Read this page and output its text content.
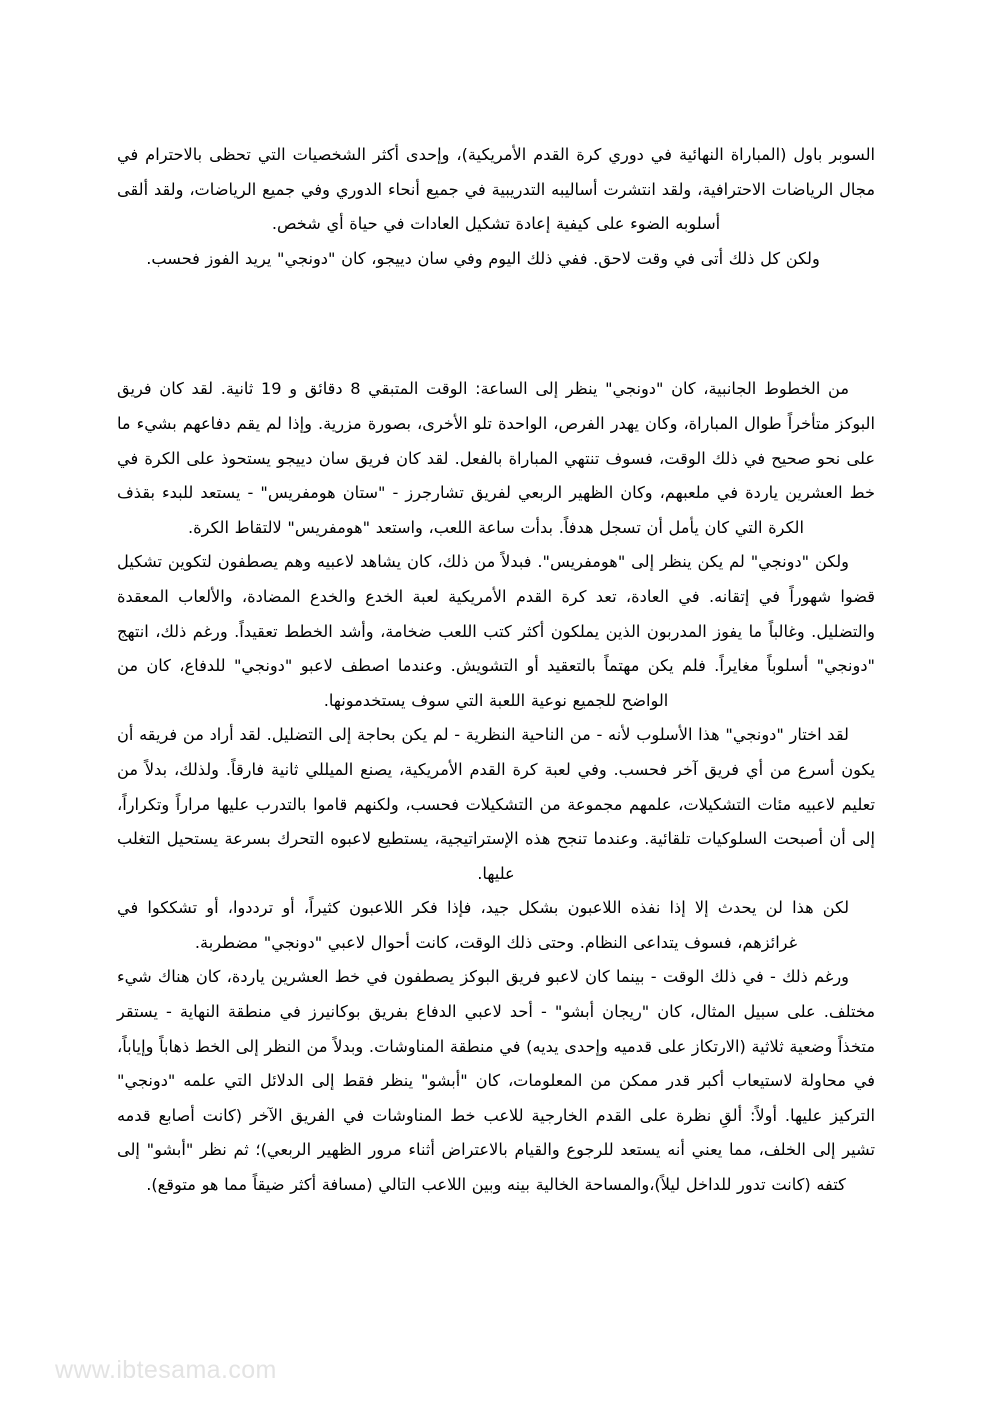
السوبر باول (المباراة النهائية في دوري كرة القدم الأمريكية)، وإحدى أكثر الشخصيات التي تحظى بالاحترام في مجال الرياضات الاحترافية، ولقد انتشرت أساليبه التدريبية في جميع أنحاء الدوري وفي جميع الرياضات، ولقد ألقى أسلوبه الضوء على كيفية إعادة تشكيل العادات في حياة أي شخص.

ولكن كل ذلك أتى في وقت لاحق. ففي ذلك اليوم وفي سان دييجو، كان "دونجي" يريد الفوز فحسب.

من الخطوط الجانبية، كان "دونجي" ينظر إلى الساعة: الوقت المتبقي 8 دقائق و 19 ثانية. لقد كان فريق البوكز متأخراً طوال المباراة، وكان يهدر الفرص، الواحدة تلو الأخرى، بصورة مزرية. وإذا لم يقم دفاعهم بشيء ما على نحو صحيح في ذلك الوقت، فسوف تنتهي المباراة بالفعل. لقد كان فريق سان دييجو يستحوذ على الكرة في خط العشرين ياردة في ملعبهم، وكان الظهير الربعي لفريق تشارجرز - "ستان هومفريس" - يستعد للبدء بقذف الكرة التي كان يأمل أن تسجل هدفاً. بدأت ساعة اللعب، واستعد "هومفريس" لالتقاط الكرة.

ولكن "دونجي" لم يكن ينظر إلى "هومفريس". فبدلاً من ذلك، كان يشاهد لاعبيه وهم يصطفون لتكوين تشكيل قضوا شهوراً في إتقانه. في العادة، تعد كرة القدم الأمريكية لعبة الخدع والخدع المضادة، والألعاب المعقدة والتضليل. وغالباً ما يفوز المدربون الذين يملكون أكثر كتب اللعب ضخامة، وأشد الخطط تعقيداً. ورغم ذلك، انتهج "دونجي" أسلوباً مغايراً. فلم يكن مهتماً بالتعقيد أو التشويش. وعندما اصطف لاعبو "دونجي" للدفاع، كان من الواضح للجميع نوعية اللعبة التي سوف يستخدمونها.

لقد اختار "دونجي" هذا الأسلوب لأنه - من الناحية النظرية - لم يكن بحاجة إلى التضليل. لقد أراد من فريقه أن يكون أسرع من أي فريق آخر فحسب. وفي لعبة كرة القدم الأمريكية، يصنع الميللي ثانية فارقاً. ولذلك، بدلاً من تعليم لاعبيه مئات التشكيلات، علمهم مجموعة من التشكيلات فحسب، ولكنهم قاموا بالتدرب عليها مراراً وتكراراً، إلى أن أصبحت السلوكيات تلقائية. وعندما تنجح هذه الإستراتيجية، يستطيع لاعبوه التحرك بسرعة يستحيل التغلب عليها.

لكن هذا لن يحدث إلا إذا نفذه اللاعبون بشكل جيد، فإذا فكر اللاعبون كثيراً، أو ترددوا، أو تشككوا في غرائزهم، فسوف يتداعى النظام. وحتى ذلك الوقت، كانت أحوال لاعبي "دونجي" مضطربة.

ورغم ذلك - في ذلك الوقت - بينما كان لاعبو فريق البوكز يصطفون في خط العشرين ياردة، كان هناك شيء مختلف. على سبيل المثال، كان "ريجان أبشو" - أحد لاعبي الدفاع بفريق بوكانيرز في منطقة النهاية - يستقر متخذاً وضعية ثلاثية (الارتكاز على قدميه وإحدى يديه) في منطقة المناوشات. وبدلاً من النظر إلى الخط ذهاباً وإياباً، في محاولة لاستيعاب أكبر قدر ممكن من المعلومات، كان "أبشو" ينظر فقط إلى الدلائل التي علمه "دونجي" التركيز عليها. أولاً: ألقِ نظرة على القدم الخارجية للاعب خط المناوشات في الفريق الآخر (كانت أصابع قدمه تشير إلى الخلف، مما يعني أنه يستعد للرجوع والقيام بالاعتراض أثناء مرور الظهير الربعي)؛ ثم نظر "أبشو" إلى كتفه (كانت تدور للداخل ليلاً)،والمساحة الخالية بينه وبين اللاعب التالي (مسافة أكثر ضيقاً مما هو متوقع).

www.ibtesama.com
